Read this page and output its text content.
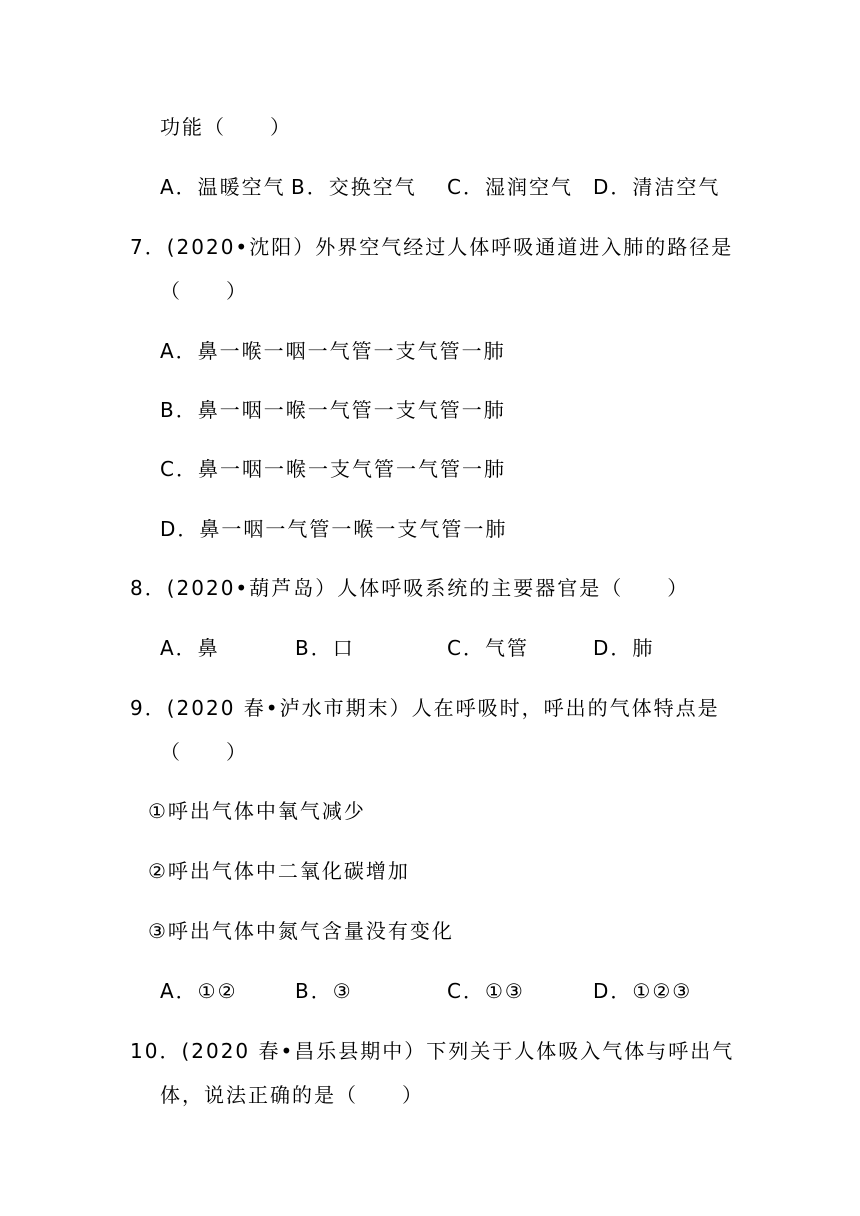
功能（　　）
A．温暖空气 B．交换空气 C．湿润空气 D．清洁空气
7．(2020•沈阳）外界空气经过人体呼吸通道进入肺的路径是
（　　）
A．鼻一喉一咽一气管一支气管一肺
B．鼻一咽一喉一气管一支气管一肺
C．鼻一咽一喉一支气管一气管一肺
D．鼻一咽一气管一喉一支气管一肺
8．(2020•葫芦岛）人体呼吸系统的主要器官是（　　）
A．鼻	B．口	C．气管	D．肺
9．(2020 春•泸水市期末）人在呼吸时，呼出的气体特点是
（　　）
①呼出气体中氧气减少
②呼出气体中二氧化碳增加
③呼出气体中氮气含量没有变化
A．①②	B．③	C．①③	D．①②③
10．(2020 春•昌乐县期中）下列关于人体吸入气体与呼出气
体，说法正确的是（　　）
